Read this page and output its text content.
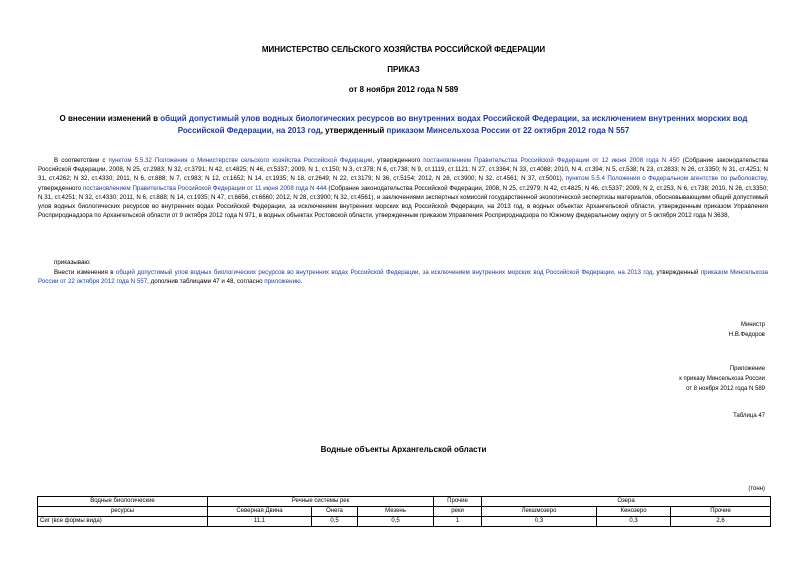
МИНИСТЕРСТВО СЕЛЬСКОГО ХОЗЯЙСТВА РОССИЙСКОЙ ФЕДЕРАЦИИ
ПРИКАЗ
от 8 ноября 2012 года N 589
О внесении изменений в общий допустимый улов водных биологических ресурсов во внутренних водах Российской Федерации, за исключением внутренних морских вод Российской Федерации, на 2013 год, утвержденный приказом Минсельхоза России от 22 октября 2012 года N 557
В соответствии с пунктом 5.5.32 Положения о Министерстве сельского хозяйства Российской Федерации, утвержденного постановлением Правительства Российской Федерации от 12 июня 2008 года N 450 (Собрание законодательства Российской Федерации, 2008, N 25, ст.2983; N 32, ст.3791; N 42, ст.4825; N 46, ст.5337; 2009, N 1, ст.150; N 3, ст.378; N 6, ст.738; N 9, ст.1119, ст.1121; N 27, ст.3364; N 33, ст.4088; 2010, N 4, ст.394; N 5, ст.538; N 23, ст.2833; N 26, ст.3350; N 31, ст.4251; N 31, ст.4262; N 32, ст.4330; 2011, N 6, ст.888; N 7, ст.983; N 12, ст.1652; N 14, ст.1935; N 18, ст.2649; N 22, ст.3179; N 36, ст.5154; 2012, N 28, ст.3900; N 32, ст.4561; N 37, ст.5001), пунктом 5.5.4 Положения о Федеральном агентстве по рыболовству, утвержденного постановлением Правительства Российской Федерации от 11 июня 2008 года N 444 (Собрание законодательства Российской Федерации, 2008, N 25, ст.2979; N 42, ст.4825; N 46, ст.5337; 2009, N 2, ст.253, N 6, ст.738; 2010, N 26, ст.3350; N 31, ст.4251; N 32, ст.4330; 2011, N 6, ст.888; N 14, ст.1935; N 47, ст.6656, ст.6660; 2012, N 28, ст.3900; N 32, ст.4561), и заключениями экспертных комиссий государственной экологической экспертизы материалов, обосновывающими общий допустимый улов водных биологических ресурсов во внутренних водах Российской Федерации, за исключением внутренних морских вод Российской Федерации, на 2013 год, в водных объектах Архангельской области, утвержденным приказом Управления Росприроднадзора по Архангельской области от 9 октября 2012 года N 971, в водных объектах Ростовской области, утвержденным приказом Управления Росприроднадзора по Южному федеральному округу от 5 октября 2012 года N 3638,
приказываю:
Внести изменения в общий допустимый улов водных биологических ресурсов во внутренних водах Российской Федерации, за исключением внутренних морских вод Российской Федерации, на 2013 год, утвержденный приказом Минсельхоза России от 22 октября 2012 года N 557, дополнив таблицами 47 и 48, согласно приложению.
Министр
Н.В.Федоров
Приложение
к приказу Минсельхоза России
от 8 ноября 2012 года N 589
Таблица 47
Водные объекты Архангельской области
(тонн)
Водные биологические	Речные системы рек			Прочие	Озера		
ресурсы	Северная Двина	Онега	Мезень	реки	Лекшмозеро	Кенозеро	Прочие
Сиг (все формы вида)	11,1	0,5	0,5	1	0,3	0,3	2,6
